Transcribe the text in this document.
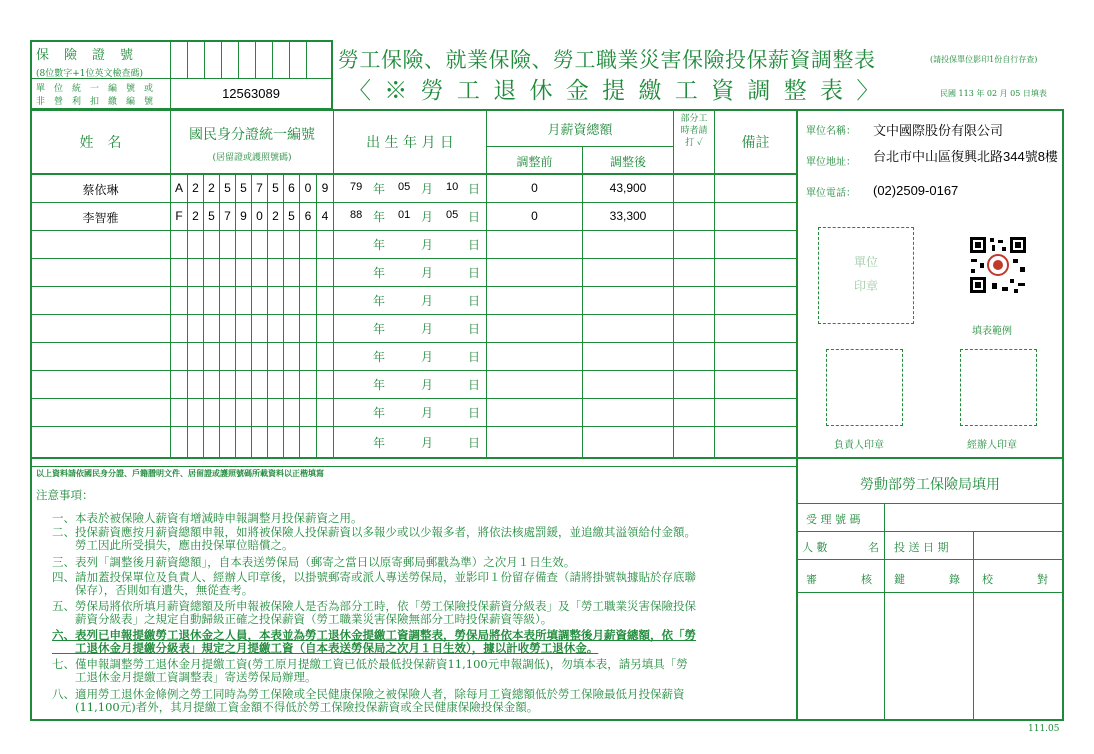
保　險　證　號
(8位數字+1位英文檢查碼)
單　位　統　一　編　號　或
非　營　利　扣　繳　編　號
12563089
勞工保險、就業保險、勞工職業災害保險投保薪資調整表	(請投保單位影印1份自行存查)
〈 ※ 勞 工 退 休 金 提 繳 工 資 調 整 表 〉	民國 113 年 02 月 05 日填表
姓　名	國民身分證統一編號
(居留證或護照號碼)
出 生 年 月 日
月薪資總額
調整前	調整後
部分工時者請打 ✓	備註
蔡依琳	A 2 2 5 5 7 5 6 0 9	79	05	10	0	43,900
李智雅	F 2 5 7 9 0 2 5 6 4	88	01	05	0	33,300
年	月	日
年	月	日
年	月	日
年	月	日
年	月	日
年	月	日
年	月	日
年	月	日
年	月	日
年	月	日
單位名稱： 文中國際股份有限公司
單位地址： 台北市中山區復興北路344號8樓
單位電話： (02)2509-0167
單位
印章
填表範例
負責人印章	經辦人印章
以上資料請依國民身分證、戶籍謄明文件、居留證或護照號碼所載資料以正楷填寫
注意事項：
一、本表於被保險人薪資有增減時申報調整月投保薪資之用。
二、投保薪資應按月薪資總額申報，如將被保險人投保薪資以多報少或以少報多者，將依法核處罰鍰，並追繳其溢領給付金額。
　　勞工因此所受損失，應由投保單位賠償之。
三、表列「調整後月薪資總額」，自本表送勞保局（郵寄之當日以原寄郵局郵戳為準）之次月１日生效。
四、請加蓋投保單位及負責人、經辦人印章後，以掛號郵寄或派人專送勞保局，並影印１份留存備查（請將掛號執據貼於存底聯
　　保存），否則如有遺失，無從查考。
五、勞保局將依所填月薪資總額及所申報被保險人是否為部分工時，依「勞工保險投保薪資分級表」及「勞工職業災害保險投保
　　薪資分級表」之規定自動歸級正確之投保薪資（勞工職業災害保險無部分工時投保薪資等級）。
六、表列已申報提繳勞工退休金之人員，本表並為勞工退休金提繳工資調整表，勞保局將依本表所填調整後月薪資總額，依「勞
　　工退休金月提繳分級表」規定之月提繳工資（自本表送勞保局之次月１日生效），據以計收勞工退休金。
七、僅申報調整勞工退休金月提繳工資(勞工原月提繳工資已低於最低投保薪資11,100元申報調低)，勿填本表，請另填具「勞
　　工退休金月提繳工資調整表」寄送勞保局辦理。
八、適用勞工退休金條例之勞工同時為勞工保險或全民健康保險之被保險人者，除每月工資總額低於勞工保險最低月投保薪資
　　(11,100元)者外，其月提繳工資金額不得低於勞工保險投保薪資或全民健康保險投保金額。
勞動部勞工保險局填用
受 理 號 碼
人 數	名 投 送 日 期
審　　　　核 鍵　　　　錄 校　　　　對
111.05
